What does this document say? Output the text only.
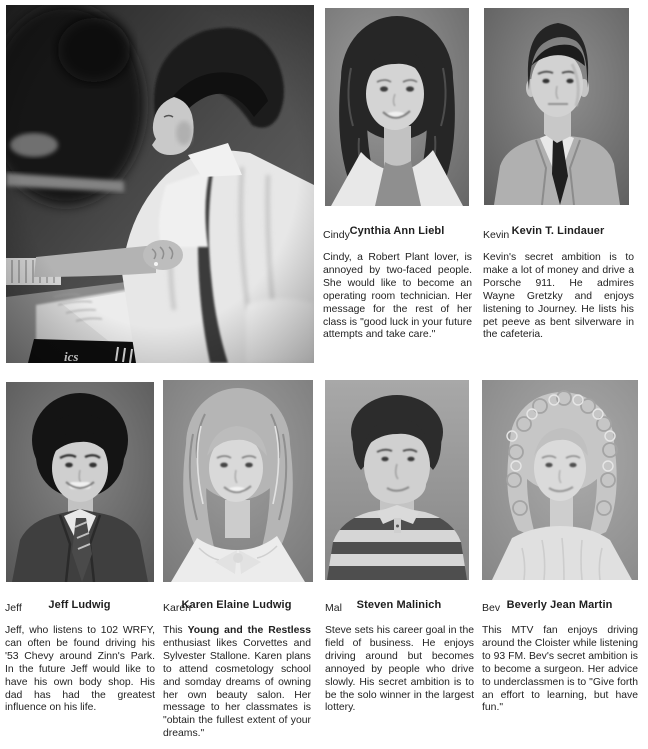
Cynthia Ann Liebl
Cindy

Cindy, a Robert Plant lover, is annoyed by two-faced people. She would like to become an operating room technician. Her message for the rest of her class is "good luck in your future attempts and take care."

Kevin T. Lindauer
Kevin

Kevin's secret ambition is to make a lot of money and drive a Porsche 911. He admires Wayne Gretzky and enjoys listening to Journey. He lists his pet peeve as bent silverware in the cafeteria.

Jeff Ludwig
Jeff

Jeff, who listens to 102 WRFY, can often be found driving his '53 Chevy around Zinn's Park. In the future Jeff would like to have his own body shop. His dad has had the greatest influence on his life.

Karen Elaine Ludwig
Karen

This Young and the Restless enthusiast likes Corvettes and Sylvester Stallone. Karen plans to attend cosmetology school and somday dreams of owning her own beauty salon. Her message to her classmates is "obtain the fullest extent of your dreams."

Steven Malinich
Mal

Steve sets his career goal in the field of business. He enjoys driving around but becomes annoyed by people who drive slowly. His secret ambition is to be the solo winner in the largest lottery.

Beverly Jean Martin
Bev

This MTV fan enjoys driving around the Cloister while listening to 93 FM. Bev's secret ambition is to become a surgeon. Her advice to underclassmen is to "Give forth an effort to learning, but have fun."
